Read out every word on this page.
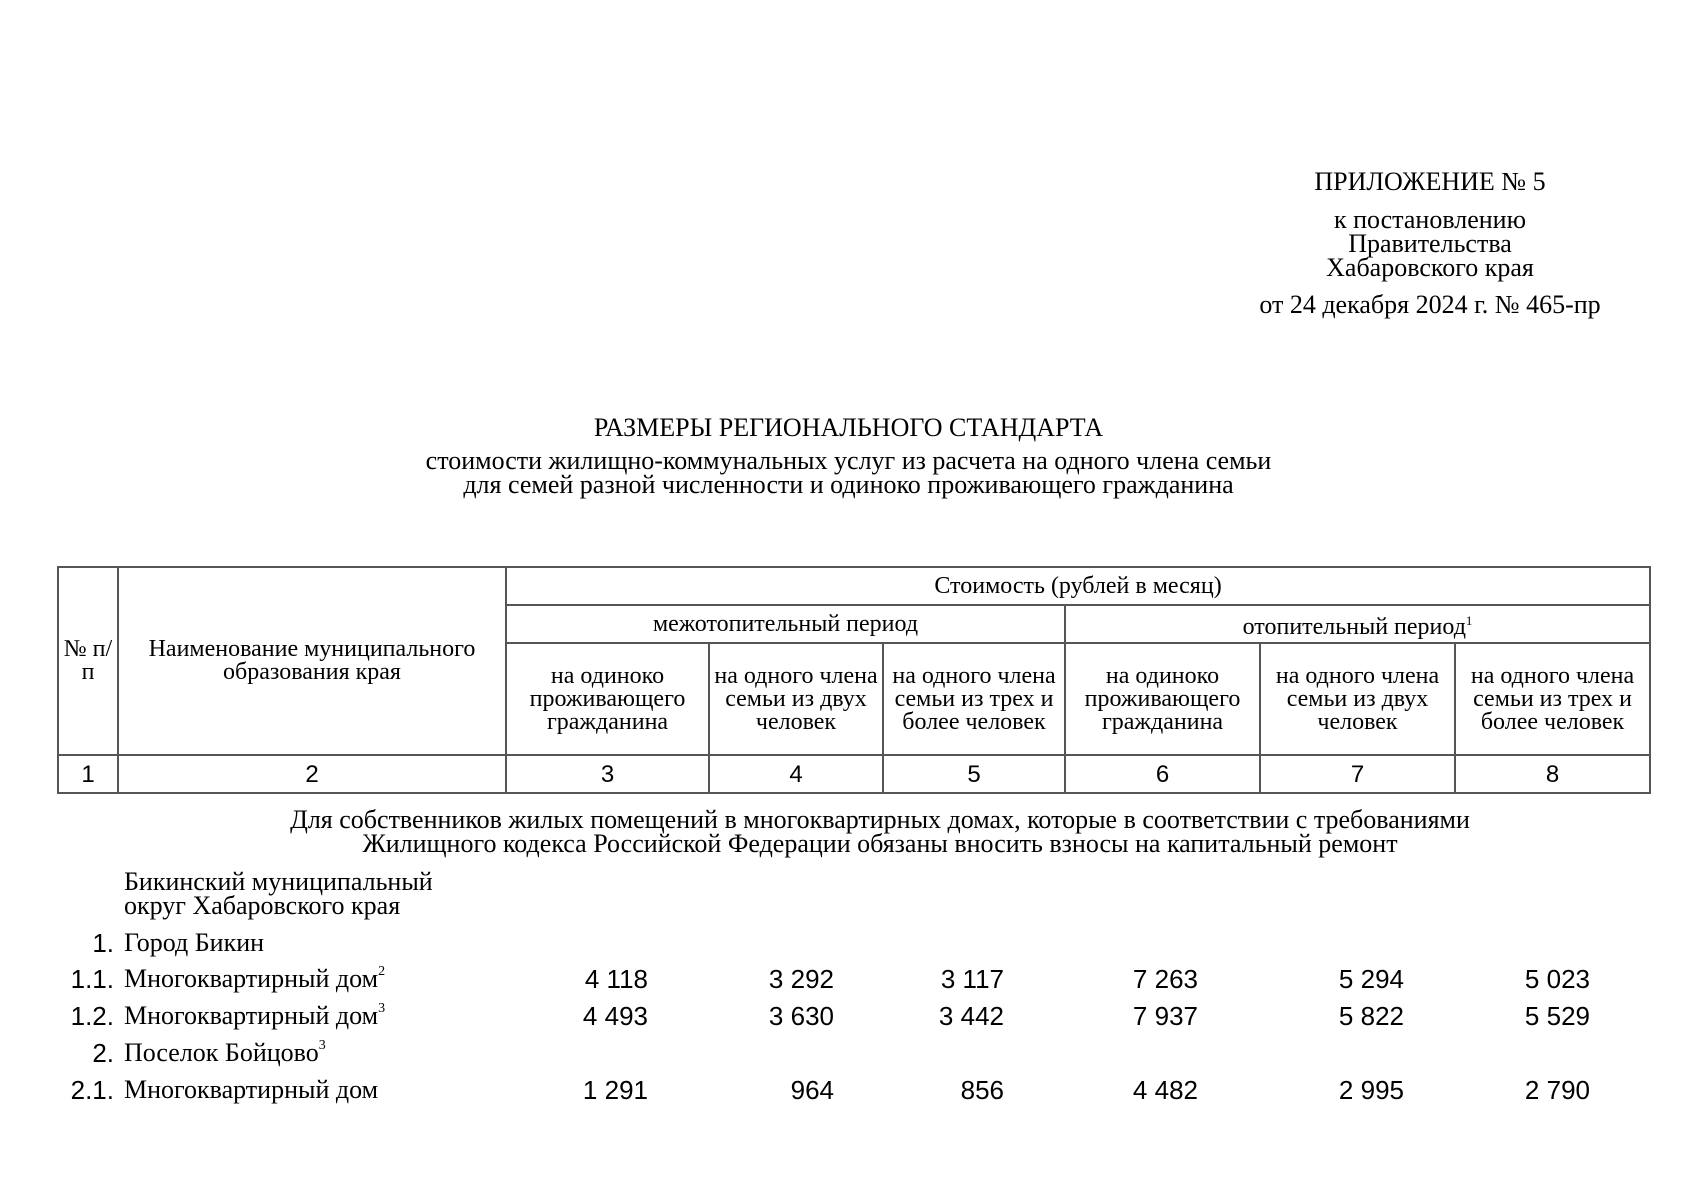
ПРИЛОЖЕНИЕ № 5
к постановлению
Правительства
Хабаровского края
от 24 декабря 2024 г. № 465-пр
РАЗМЕРЫ РЕГИОНАЛЬНОГО СТАНДАРТА
стоимости жилищно-коммунальных услуг из расчета на одного члена семьи
для семей разной численности и одиноко проживающего гражданина
№ п/п	Наименование муниципального образования края	Стоимость (рублей в месяц)					
		межотопительный период			отопительный период$^1$
		на одиноко проживающего гражданина	на одного члена семьи из двух человек	на одного члена семьи из трех и более человек	на одиноко проживающего гражданина	на одного члена семьи из двух человек	на одного члена семьи из трех и более человек
1	2	3	4	5	6	7	8
Для собственников жилых помещений в многоквартирных домах, которые в соответствии с требованиями
Жилищного кодекса Российской Федерации обязаны вносить взносы на капитальный ремонт
Бикинский муниципальный
округ Хабаровского края
1. Город Бикин
1.1. Многоквартирный дом$^2$	4 118	3 292	3 117	7 263	5 294	5 023
1.2. Многоквартирный дом$^3$	4 493	3 630	3 442	7 937	5 822	5 529
2. Поселок Бойцово$^3$
2.1. Многоквартирный дом	1 291	964	856	4 482	2 995	2 790
